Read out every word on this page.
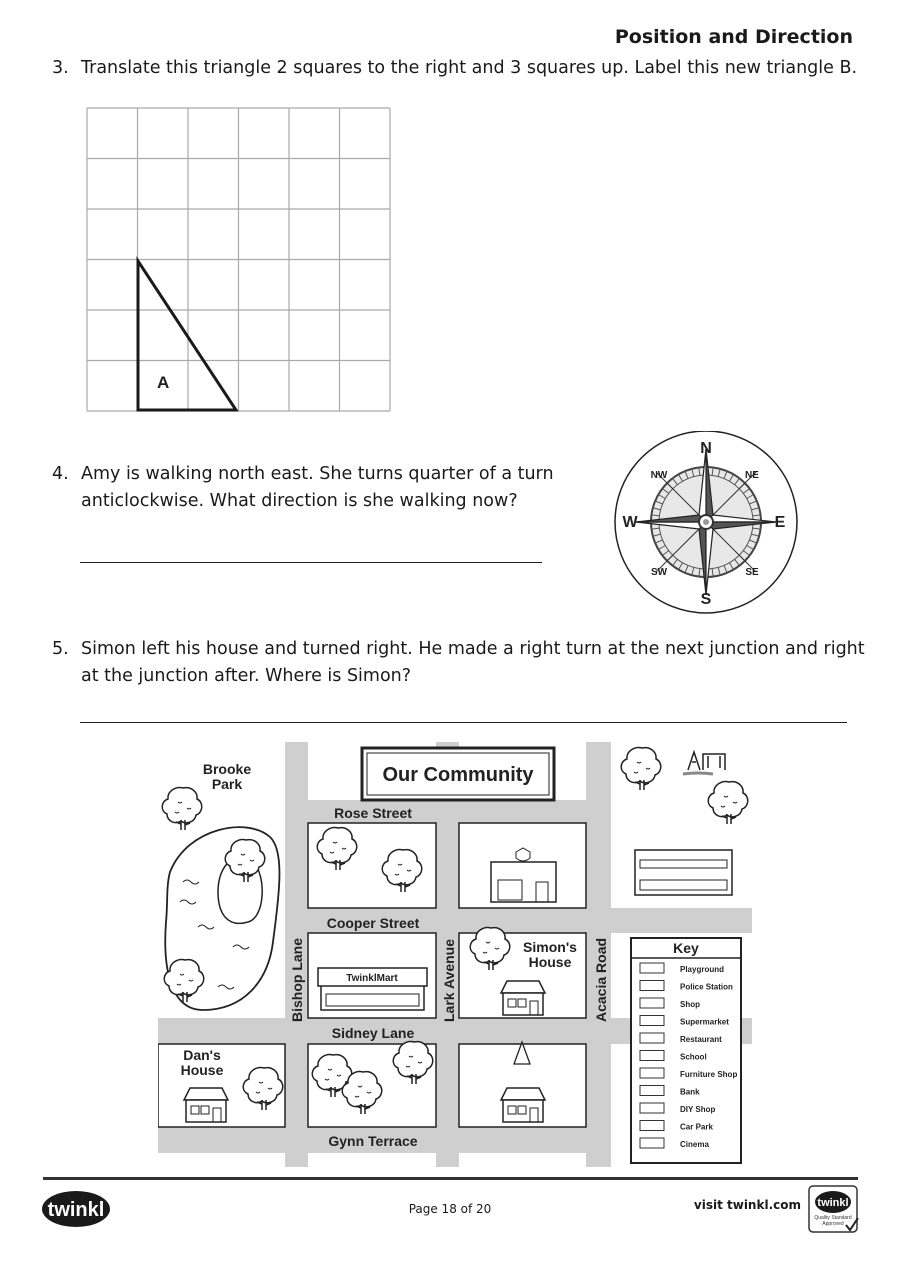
Position and Direction
3. Translate this triangle 2 squares to the right and 3 squares up. Label this new triangle B.
A
4. Amy is walking north east. She turns quarter of a turn
anticlockwise. What direction is she walking now?
N
S
E
W
NE
NW
SE
SW
5. Simon left his house and turned right. He made a right turn at the next junction and right
at the junction after. Where is Simon?
Our Community
Brooke
Park
Rose Street
Cooper Street
TwinklMart
Simon's
House
Bishop Lane	Lark Avenue	Acacia Road
Sidney Lane
Dan's
House
Gynn Terrace
Key
Playground
Police Station
Shop
Supermarket
Restaurant
School
Furniture Shop
Bank
DIY Shop
Car Park
Cinema
twinkl	Page 18 of 20	visit twinkl.com twinkl
Quality Standard
Approved
